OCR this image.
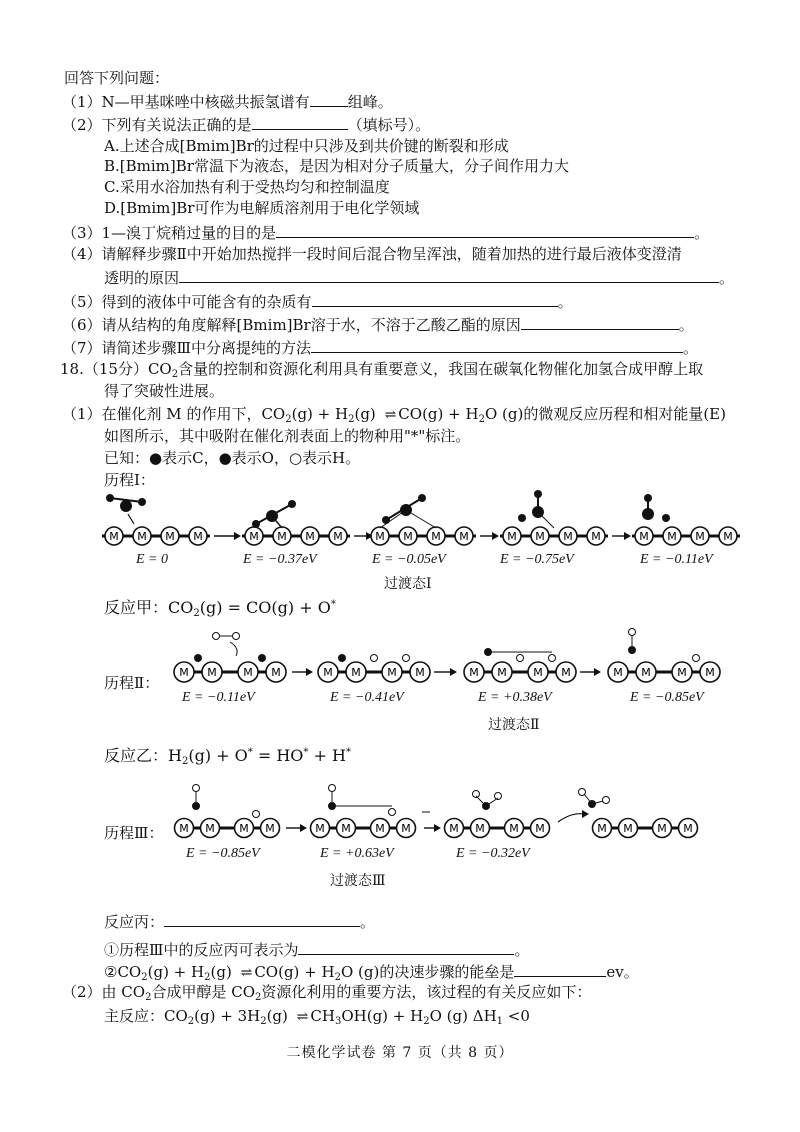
回答下列问题：
（1）N—甲基咪唑中核磁共振氢谱有	组峰。
（2）下列有关说法正确的是	（填标号）。
A.上述合成[Bmim]Br的过程中只涉及到共价键的断裂和形成
B.[Bmim]Br常温下为液态，是因为相对分子质量大，分子间作用力大
C.采用水浴加热有利于受热均匀和控制温度
D.[Bmim]Br可作为电解质溶剂用于电化学领域
（3）1—溴丁烷稍过量的目的是	。
（4）请解释步骤Ⅱ中开始加热搅拌一段时间后混合物呈浑浊，随着加热的进行最后液体变澄清
透明的原因	。
（5）得到的液体中可能含有的杂质有	。
（6）请从结构的角度解释[Bmim]Br溶于水，不溶于乙酸乙酯的原因	。
（7）请简述步骤Ⅲ中分离提纯的方法	。
18.（15分）$CO_2$含量的控制和资源化利用具有重要意义，我国在碳氧化物催化加氢合成甲醇上取
得了突破性进展。
（1）在催化剂 M 的作用下，$CO_2(g) + H_2(g)$ ⇌ $CO(g) + H_2O$ (g)的微观反应历程和相对能量(E)
如图所示，其中吸附在催化剂表面上的物种用"*"标注。
已知：●表示C，●表示O，○表示H。
历程Ⅰ：
M M M M	M M M M	M M M M	M M M M	M M M M
E = 0	E = −0.37eV	E = −0.05eV	E = −0.75eV	E = −0.11eV
过渡态I
反应甲：$CO_2(g) = CO(g) + O^*$
历程Ⅱ：
M M M M	M M M M	M M M M	M M M M
E = −0.11eV	E = −0.41eV	E = +0.38eV	E = −0.85eV
过渡态Ⅱ
反应乙：$H_2(g) + O^* = HO^* + H^*$
历程Ⅲ： M M M M	M M M M	M M M M	M M M M
E = −0.85eV	E = +0.63eV	E = −0.32eV
过渡态Ⅲ
反应丙：	。
①历程Ⅲ中的反应丙可表示为	。
$②CO_2(g) + H_2(g)$ ⇌ $CO(g) + H_2O$ (g)的决速步骤的能垒是	ev。
（2）由 $CO_2$合成甲醇是 $CO_2$资源化利用的重要方法，该过程的有关反应如下：
主反应：$CO_2(g) + 3H_2(g)$ ⇌ $CH_3OH(g) + H_2O$ (g) $\Delta H_1 <0$
二模化学试卷 第 7 页（共 8 页）
